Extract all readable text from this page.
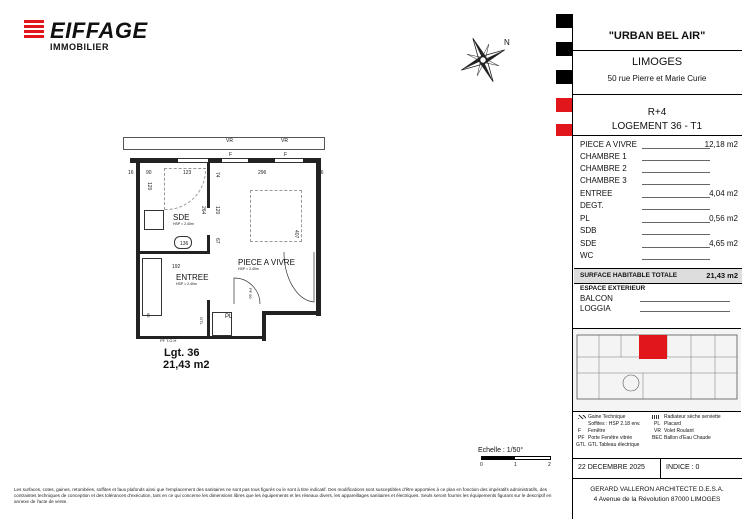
EIFFAGE
IMMOBILIER	N
VR	VR
F	F
16 90	123	296	16
120
74
264 120
136
67
192
407
PF 90
GTL
66
PF T.O.H
SDE
HSP = 2.40m
ENTREE
HSP = 2.40m
PIECE A VIVRE
HSP = 2.40m
PL
Lgt. 36
21,43 m2
Echelle : 1/50°
0	1	2
"URBAN BEL AIR"
LIMOGES
50 rue Pierre et Marie Curie
R+4
LOGEMENT 36 - T1
PIECE A VIVRE	12,18 m2
CHAMBRE 1
CHAMBRE 2
CHAMBRE 3
ENTREE	4,04 m2
DEGT.
PL	0,56 m2
SDB
SDE	4,65 m2
WC
SURFACE HABITABLE TOTALE	21,43 m2
ESPACE EXTERIEUR
BALCON
LOGGIA
Gaine Technique
Soffites : HSP 2.18 env.
F Fenêtre
PF Porte Fenêtre vitrée
GTL GTL Tableau électrique
Radiateur sèche serviette
PL Placard
VR Volet Roulant
BEC Ballon d'Eau Chaude
22 DECEMBRE 2025	INDICE : 0
GERARD VALLERON ARCHITECTE D.E.S.A.
4 Avenue de la Révolution 87000 LIMOGES
Les surfaces, cotes, gaines, retombées, soffites et faux plafonds ainsi que l'emplacement des sanitaires ne sont pas tous figurés ou le sont à titre indicatif. Des modifications sont susceptibles d'être apportées à ce plan en fonction des impératifs administratifs, des contraintes techniques de conception et des tolérances d'exécution, tant en ce qui concerne les dimensions libres que les équipements et les réseaux divers, les appareillages sanitaires et électriques. Seuls seront fournis les équipements figurant sur le descriptif en annexe de l'acte de vente.
